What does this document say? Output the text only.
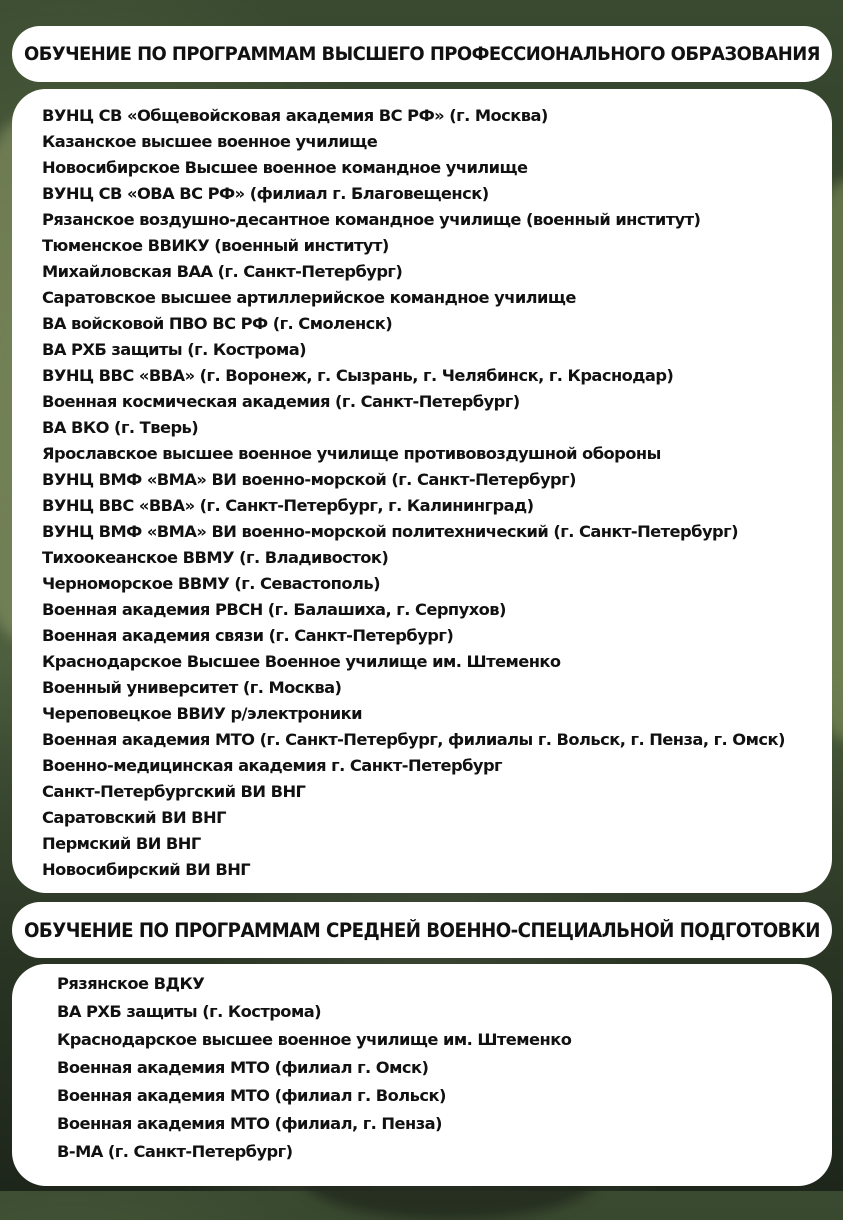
ОБУЧЕНИЕ ПО ПРОГРАММАМ ВЫСШЕГО ПРОФЕССИОНАЛЬНОГО ОБРАЗОВАНИЯ
ВУНЦ СВ «Общевойсковая академия ВС РФ» (г. Москва)
Казанское высшее военное училище
Новосибирское Высшее военное командное училище
ВУНЦ СВ «ОВА ВС РФ» (филиал г. Благовещенск)
Рязанское воздушно-десантное командное училище (военный институт)
Тюменское ВВИКУ (военный институт)
Михайловская ВАА (г. Санкт-Петербург)
Саратовское высшее артиллерийское командное училище
ВА войсковой ПВО ВС РФ (г. Смоленск)
ВА РХБ защиты (г. Кострома)
ВУНЦ ВВС «ВВА» (г. Воронеж, г. Сызрань, г. Челябинск, г. Краснодар)
Военная космическая академия (г. Санкт-Петербург)
ВА ВКО (г. Тверь)
Ярославское высшее военное училище противовоздушной обороны
ВУНЦ ВМФ «ВМА» ВИ военно-морской (г. Санкт-Петербург)
ВУНЦ ВВС «ВВА» (г. Санкт-Петербург, г. Калининград)
ВУНЦ ВМФ «ВМА» ВИ военно-морской политехнический (г. Санкт-Петербург)
Тихоокеанское ВВМУ (г. Владивосток)
Черноморское ВВМУ (г. Севастополь)
Военная академия РВСН (г. Балашиха, г. Серпухов)
Военная академия связи (г. Санкт-Петербург)
Краснодарское Высшее Военное училище им. Штеменко
Военный университет (г. Москва)
Череповецкое ВВИУ р/электроники
Военная академия МТО (г. Санкт-Петербург, филиалы г. Вольск, г. Пенза, г. Омск)
Военно-медицинская академия г. Санкт-Петербург
Санкт-Петербургский ВИ ВНГ
Саратовский ВИ ВНГ
Пермский ВИ ВНГ
Новосибирский ВИ ВНГ
ОБУЧЕНИЕ ПО ПРОГРАММАМ СРЕДНЕЙ ВОЕННО-СПЕЦИАЛЬНОЙ ПОДГОТОВКИ
Рязянское ВДКУ
ВА РХБ защиты (г. Кострома)
Краснодарское высшее военное училище им. Штеменко
Военная академия МТО (филиал г. Омск)
Военная академия МТО (филиал г. Вольск)
Военная академия МТО (филиал, г. Пенза)
В-МА (г. Санкт-Петербург)
